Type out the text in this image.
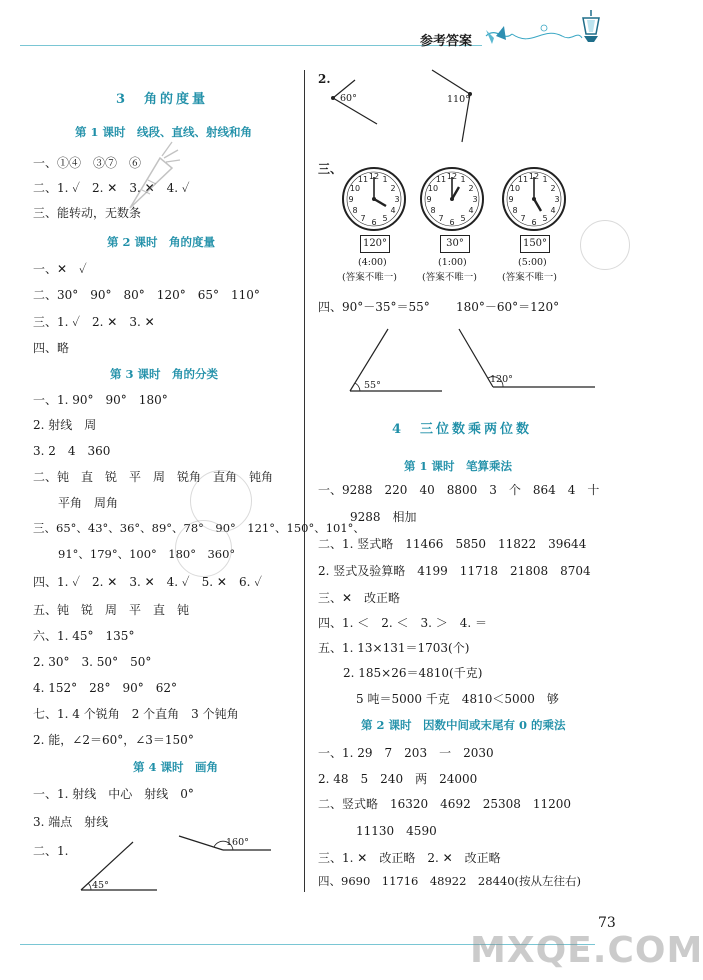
参考答案
3　角的度量
第 1 课时　线段、直线、射线和角
一、①④　③⑦　⑥
二、1. ✓　2. ✕　3. ✕　4. ✓
三、能转动，无数条
第 2 课时　角的度量
一、✕　✓
二、30°　90°　80°　120°　65°　110°
三、1. ✓　2. ✕　3. ✕
四、略
第 3 课时　角的分类
一、1. 90°　90°　180°
2. 射线　周
3. 2　4　360
二、钝　直　锐　平　周　锐角　直角　钝角
平角　周角
三、65°、43°、36°、89°、78°　90°　121°、150°、101°、
91°、179°、100°　180°　360°
四、1. ✓　2. ✕　3. ✕　4. ✓　5. ✕　6. ✓
五、钝　锐　周　平　直　钝
六、1. 45°　135°
2. 30°　3. 50°　50°
4. 152°　28°　90°　62°
七、1. 4 个锐角　2 个直角　3 个钝角
2. 能，∠2＝60°，∠3＝150°
第 4 课时　画角
一、1. 射线　中心　射线　0°
3. 端点　射线
二、1.
45°
160°
2.
60°	110°
三、
12
3
6
9
1
2
4
5
7
8
10
11
120°
(4:00)
(答案不唯一)
12
3
6
9
1
2
4
5
7
8
10
11
30°
(1:00)
(答案不唯一)
12
3
6
9
1
2
4
5
7
8
10
11
150°
(5:00)
(答案不唯一)
四、90°－35°＝55° 180°－60°＝120°
55°
120°
4　三位数乘两位数
第 1 课时　笔算乘法
一、9288　220　40　8800　3　个　864　4　十
9288　相加
二、1. 竖式略　11466　5850　11822　39644
2. 竖式及验算略　4199　11718　21808　8704
三、✕　改正略
四、1. ＜　2. ＜　3. ＞　4. ＝
五、1. 13×131＝1703(个)
2. 185×26＝4810(千克)
5 吨＝5000 千克　4810＜5000　够
第 2 课时　因数中间或末尾有 0 的乘法
一、1. 29　7　203　一　2030
2. 48　5　240　两　24000
二、竖式略　16320　4692　25308　11200
11130　4590
三、1. ✕　改正略　2. ✕　改正略
四、9690　11716　48922　28440(按从左往右)
73
MXQE.COM
